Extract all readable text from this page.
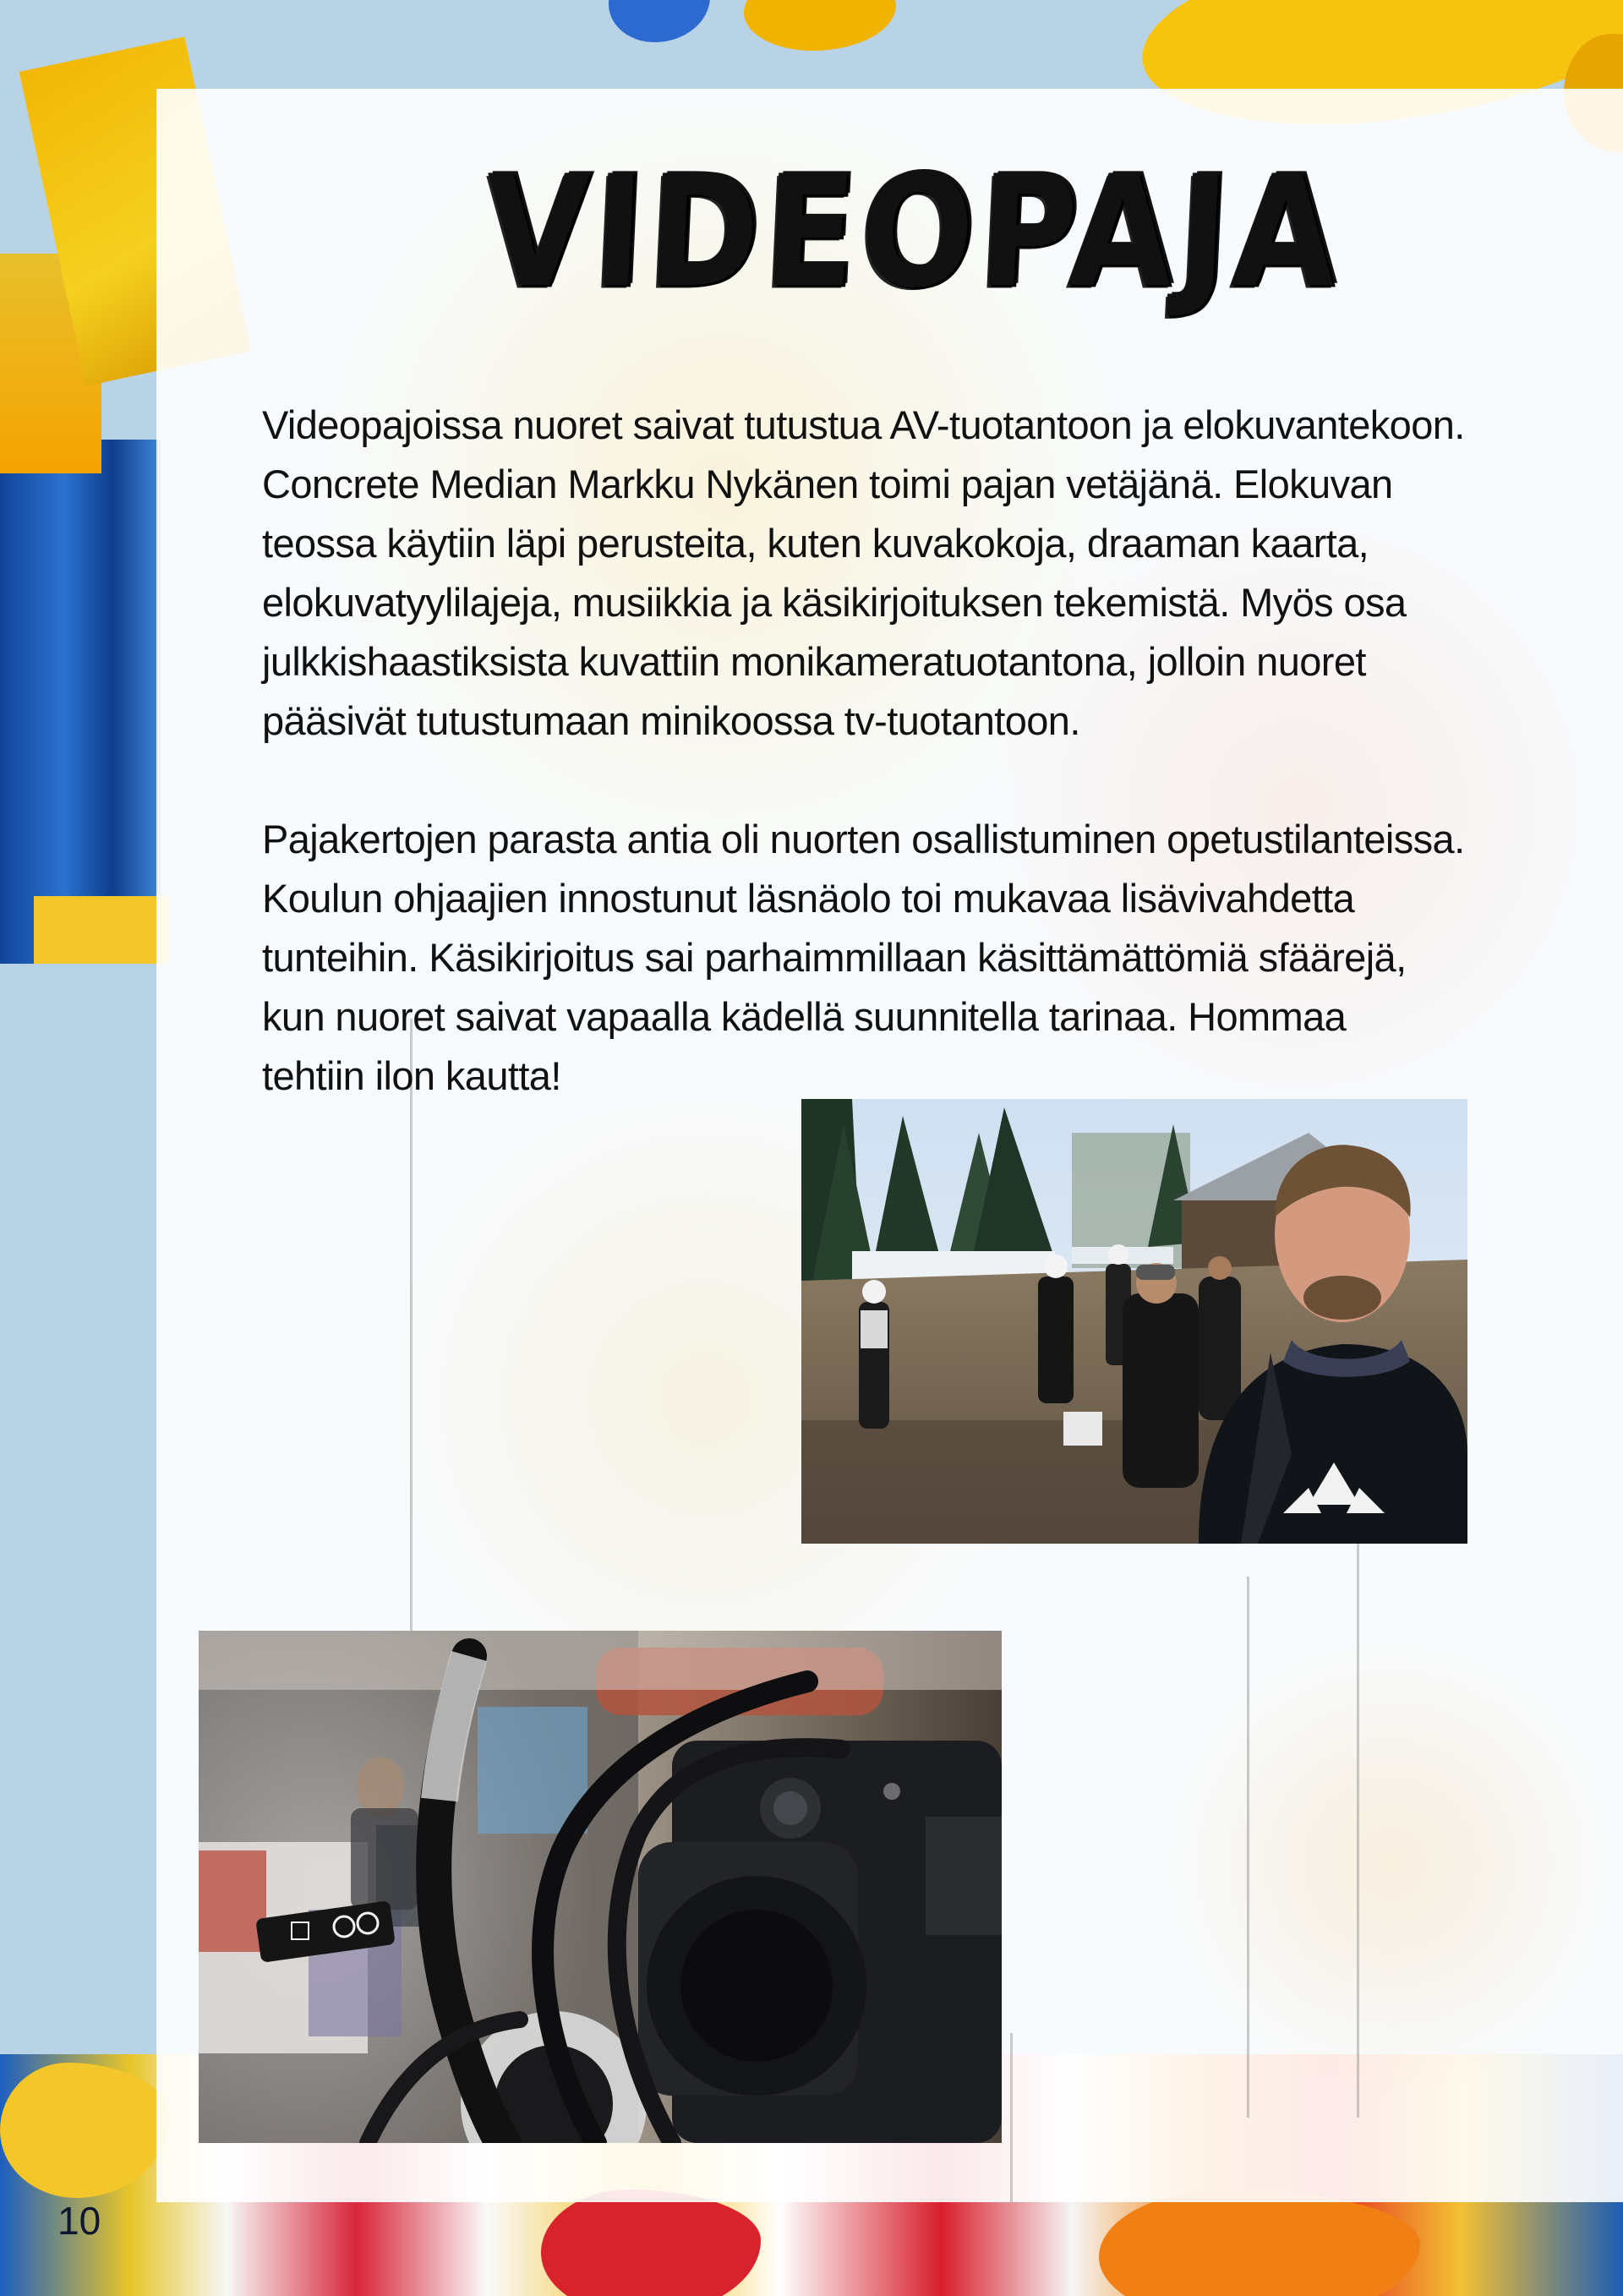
VIDEOPAJA

Videopajoissa nuoret saivat tutustua AV-tuotantoon ja elokuvantekoon.
Concrete Median Markku Nykänen toimi pajan vetäjänä. Elokuvan
teossa käytiin läpi perusteita, kuten kuvakokoja, draaman kaarta,
elokuvatyylilajeja, musiikkia ja käsikirjoituksen tekemistä. Myös osa
julkkishaastiksista kuvattiin monikameratuotantona, jolloin nuoret
pääsivät tutustumaan minikoossa tv-tuotantoon.

Pajakertojen parasta antia oli nuorten osallistuminen opetustilanteissa.
Koulun ohjaajien innostunut läsnäolo toi mukavaa lisävivahdetta
tunteihin. Käsikirjoitus sai parhaimmillaan käsittämättömiä sfäärejä,
kun nuoret saivat vapaalla kädellä suunnitella tarinaa. Hommaa
tehtiin ilon kautta!

10
